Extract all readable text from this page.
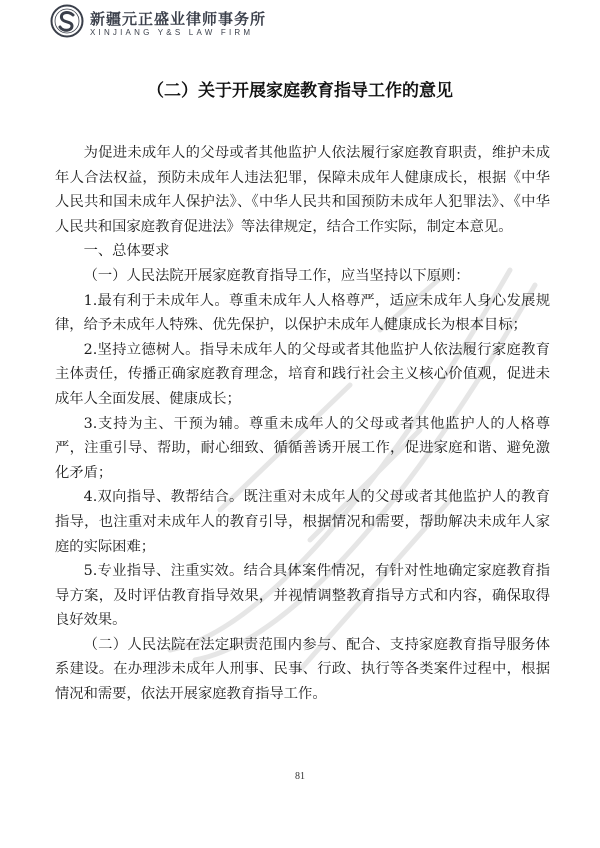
新疆元正盛业律师事务所
XINJIANG Y&S LAW FIRM
（二）关于开展家庭教育指导工作的意见

为促进未成年人的父母或者其他监护人依法履行家庭教育职责，维护未成年人合法权益，预防未成年人违法犯罪，保障未成年人健康成长，根据《中华人民共和国未成年人保护法》、《中华人民共和国预防未成年人犯罪法》、《中华人民共和国家庭教育促进法》等法律规定，结合工作实际，制定本意见。

一、总体要求

（一）人民法院开展家庭教育指导工作，应当坚持以下原则：

1.最有利于未成年人。尊重未成年人人格尊严，适应未成年人身心发展规律，给予未成年人特殊、优先保护，以保护未成年人健康成长为根本目标；

2.坚持立德树人。指导未成年人的父母或者其他监护人依法履行家庭教育主体责任，传播正确家庭教育理念，培育和践行社会主义核心价值观，促进未成年人全面发展、健康成长；

3.支持为主、干预为辅。尊重未成年人的父母或者其他监护人的人格尊严，注重引导、帮助，耐心细致、循循善诱开展工作，促进家庭和谐、避免激化矛盾；

4.双向指导、教帮结合。既注重对未成年人的父母或者其他监护人的教育指导，也注重对未成年人的教育引导，根据情况和需要，帮助解决未成年人家庭的实际困难；

5.专业指导、注重实效。结合具体案件情况，有针对性地确定家庭教育指导方案，及时评估教育指导效果，并视情调整教育指导方式和内容，确保取得良好效果。

（二）人民法院在法定职责范围内参与、配合、支持家庭教育指导服务体系建设。在办理涉未成年人刑事、民事、行政、执行等各类案件过程中，根据情况和需要，依法开展家庭教育指导工作。

81
